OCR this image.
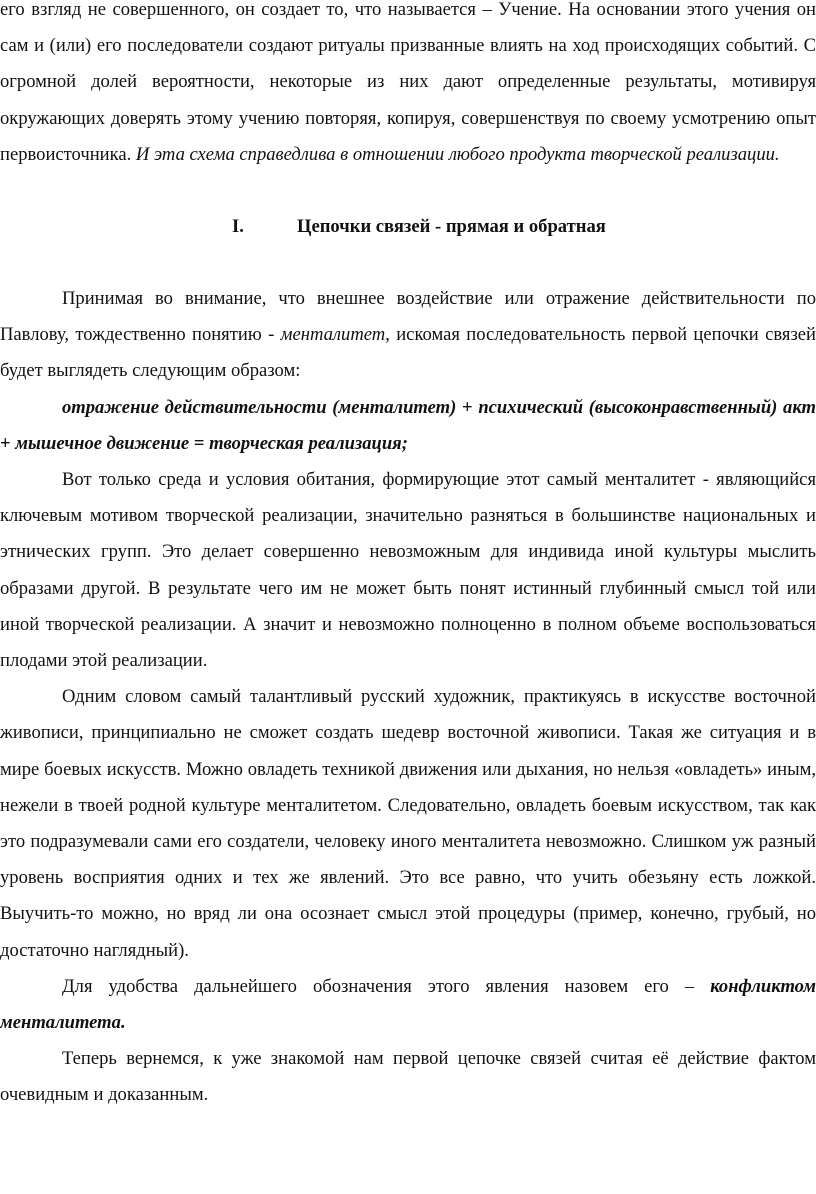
его взгляд не совершенного, он создает то, что называется – Учение. На основании этого учения он сам и (или) его последователи создают ритуалы призванные влиять на ход происходящих событий. С огромной долей вероятности, некоторые из них дают определенные результаты, мотивируя окружающих доверять этому учению повторяя, копируя, совершенствуя по своему усмотрению опыт первоисточника. И эта схема справедлива в отношении любого продукта творческой реализации.

I.	Цепочки связей - прямая и обратная

Принимая во внимание, что внешнее воздействие или отражение действительности по Павлову, тождественно понятию - менталитет, искомая последовательность первой цепочки связей будет выглядеть следующим образом:

отражение действительности (менталитет) + психический (высоконравственный) акт + мышечное движение = творческая реализация;

Вот только среда и условия обитания, формирующие этот самый менталитет - являющийся ключевым мотивом творческой реализации, значительно разняться в большинстве национальных и этнических групп. Это делает совершенно невозможным для индивида иной культуры мыслить образами другой. В результате чего им не может быть понят истинный глубинный смысл той или иной творческой реализации. А значит и невозможно полноценно в полном объеме воспользоваться плодами этой реализации.

Одним словом самый талантливый русский художник, практикуясь в искусстве восточной живописи, принципиально не сможет создать шедевр восточной живописи. Такая же ситуация и в мире боевых искусств. Можно овладеть техникой движения или дыхания, но нельзя «овладеть» иным, нежели в твоей родной культуре менталитетом. Следовательно, овладеть боевым искусством, так как это подразумевали сами его создатели, человеку иного менталитета невозможно. Слишком уж разный уровень восприятия одних и тех же явлений. Это все равно, что учить обезьяну есть ложкой. Выучить-то можно, но вряд ли она осознает смысл этой процедуры (пример, конечно, грубый, но достаточно наглядный).

Для удобства дальнейшего обозначения этого явления назовем его – конфликтом менталитета.

Теперь вернемся, к уже знакомой нам первой цепочке связей считая её действие фактом очевидным и доказанным.
